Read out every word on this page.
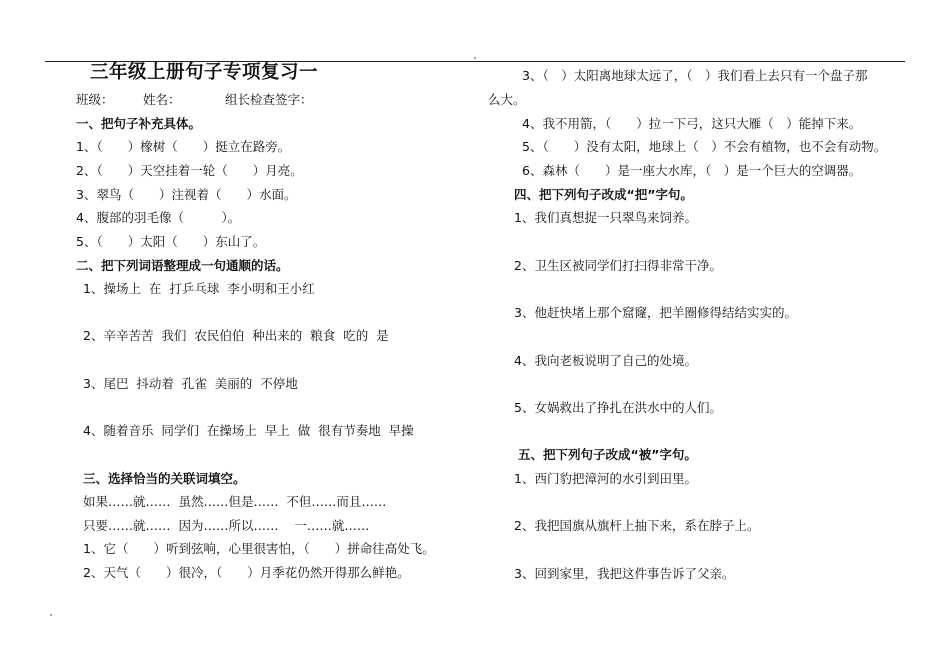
三年级上册句子专项复习一
班级： 姓名：	组长检查签字：
一、把句子补充具体。
1、（　　）橡树（　　）挺立在路旁。
2、（　　）天空挂着一轮（　　）月亮。
3、翠鸟（　　）注视着（　　）水面。
4、腹部的羽毛像（　　　）。
5、（　　）太阳（　　）东山了。
二、把下列词语整理成一句通顺的话。
1、操场上  在  打乒乓球  李小明和王小红
2、辛辛苦苦  我们  农民伯伯  种出来的  粮食  吃的  是
3、尾巴  抖动着  孔雀  美丽的  不停地
4、随着音乐  同学们  在操场上  早上  做  很有节奏地  早操
三、选择恰当的关联词填空。
如果……就……  虽然……但是……  不但……而且……
只要……就……  因为……所以……    一……就……
1、它（　　）听到弦响，心里很害怕，（　　）拼命往高处飞。
2、天气（　　）很冷，（　　）月季花仍然开得那么鲜艳。
3、（　）太阳离地球太远了，（　）我们看上去只有一个盘子那
么大。
4、我不用箭，（　　）拉一下弓，这只大雁（　）能掉下来。
5、（　　）没有太阳，地球上（　）不会有植物，也不会有动物。
6、森林（　　）是一座大水库，（　）是一个巨大的空调器。
四、把下列句子改成“把”字句。
1、我们真想捉一只翠鸟来饲养。
2、卫生区被同学们打扫得非常干净。
3、他赶快堵上那个窟窿，把羊圈修得结结实实的。
4、我向老板说明了自己的处境。
5、女娲救出了挣扎在洪水中的人们。
五、把下列句子改成“被”字句。
1、西门豹把漳河的水引到田里。
2、我把国旗从旗杆上抽下来，系在脖子上。
3、回到家里，我把这件事告诉了父亲。
